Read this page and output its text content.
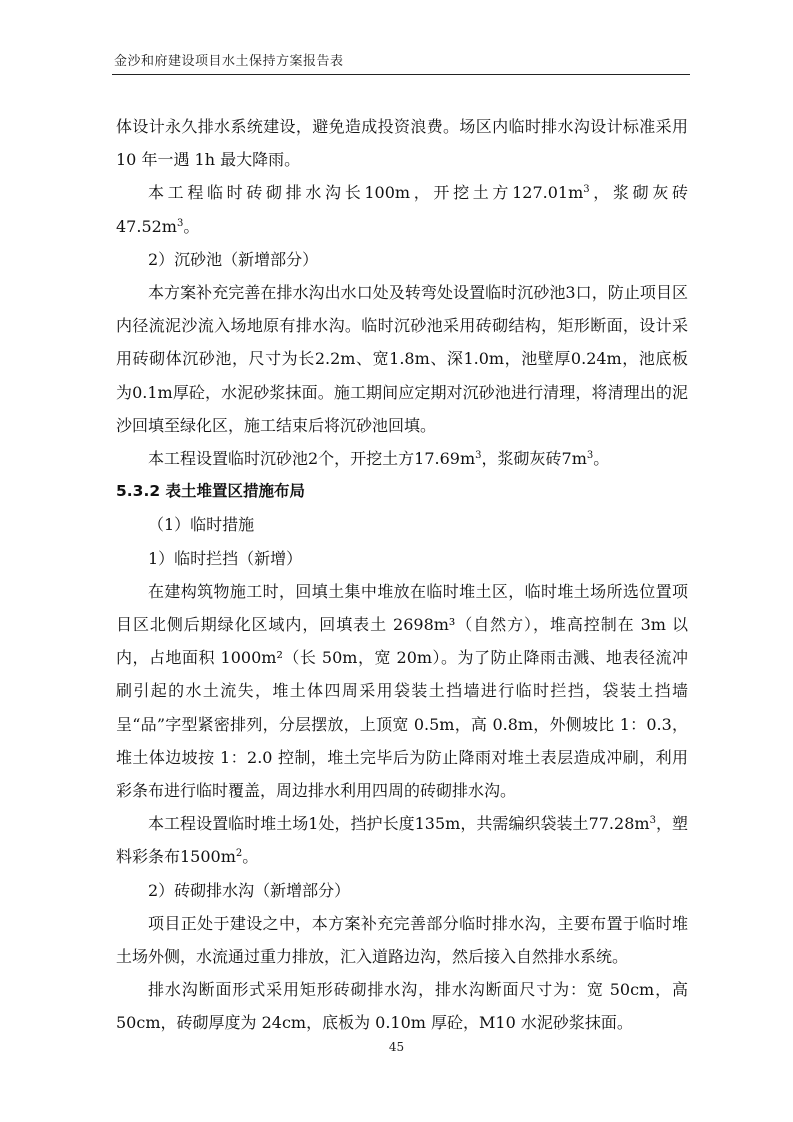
金沙和府建设项目水土保持方案报告表

体设计永久排水系统建设，避免造成投资浪费。场区内临时排水沟设计标准采用 10 年一遇 1h 最大降雨。

本工程临时砖砌排水沟长100m，开挖土方$127.01m^3$，浆砌灰砖$47.52m^3$。

2）沉砂池（新增部分）

本方案补充完善在排水沟出水口处及转弯处设置临时沉砂池3口，防止项目区内径流泥沙流入场地原有排水沟。临时沉砂池采用砖砌结构，矩形断面，设计采用砖砌体沉砂池，尺寸为长2.2m、宽1.8m、深1.0m，池壁厚0.24m，池底板为0.1m厚砼，水泥砂浆抹面。施工期间应定期对沉砂池进行清理，将清理出的泥沙回填至绿化区，施工结束后将沉砂池回填。

本工程设置临时沉砂池2个，开挖土方$17.69m^3$，浆砌灰砖$7m^3$。

5.3.2 表土堆置区措施布局

（1）临时措施

1）临时拦挡（新增）

在建构筑物施工时，回填土集中堆放在临时堆土区，临时堆土场所选位置项目区北侧后期绿化区域内，回填表土 2698m³（自然方），堆高控制在 3m 以内，占地面积 1000m²（长 50m，宽 20m）。为了防止降雨击溅、地表径流冲刷引起的水土流失，堆土体四周采用袋装土挡墙进行临时拦挡，袋装土挡墙呈“品”字型紧密排列，分层摆放，上顶宽 0.5m，高 0.8m，外侧坡比 1：0.3，堆土体边坡按 1：2.0 控制，堆土完毕后为防止降雨对堆土表层造成冲刷，利用彩条布进行临时覆盖，周边排水利用四周的砖砌排水沟。

本工程设置临时堆土场1处，挡护长度135m，共需编织袋装土$77.28m^3$，塑料彩条布$1500m^2$。

2）砖砌排水沟（新增部分）

项目正处于建设之中，本方案补充完善部分临时排水沟，主要布置于临时堆土场外侧，水流通过重力排放，汇入道路边沟，然后接入自然排水系统。

排水沟断面形式采用矩形砖砌排水沟，排水沟断面尺寸为：宽 50cm，高 50cm，砖砌厚度为 24cm，底板为 0.10m 厚砼，M10 水泥砂浆抹面。

45
